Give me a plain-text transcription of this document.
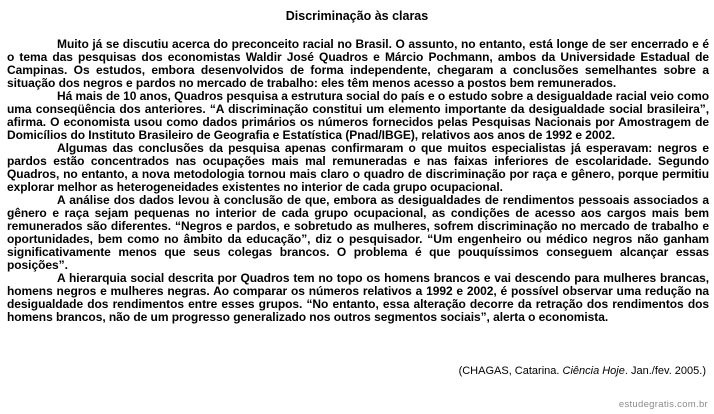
Discriminação às claras

Muito já se discutiu acerca do preconceito racial no Brasil. O assunto, no entanto, está longe de ser encerrado e é o tema das pesquisas dos economistas Waldir José Quadros e Márcio Pochmann, ambos da Universidade Estadual de Campinas. Os estudos, embora desenvolvidos de forma independente, chegaram a conclusões semelhantes sobre a situação dos negros e pardos no mercado de trabalho: eles têm menos acesso a postos bem remunerados.

Há mais de 10 anos, Quadros pesquisa a estrutura social do país e o estudo sobre a desigualdade racial veio como uma conseqüência dos anteriores. “A discriminação constitui um elemento importante da desigualdade social brasileira”, afirma. O economista usou como dados primários os números fornecidos pelas Pesquisas Nacionais por Amostragem de Domicílios do Instituto Brasileiro de Geografia e Estatística (Pnad/IBGE), relativos aos anos de 1992 e 2002.

Algumas das conclusões da pesquisa apenas confirmaram o que muitos especialistas já esperavam: negros e pardos estão concentrados nas ocupações mais mal remuneradas e nas faixas inferiores de escolaridade. Segundo Quadros, no entanto, a nova metodologia tornou mais claro o quadro de discriminação por raça e gênero, porque permitiu explorar melhor as heterogeneidades existentes no interior de cada grupo ocupacional.

A análise dos dados levou à conclusão de que, embora as desigualdades de rendimentos pessoais associados a gênero e raça sejam pequenas no interior de cada grupo ocupacional, as condições de acesso aos cargos mais bem remunerados são diferentes. “Negros e pardos, e sobretudo as mulheres, sofrem discriminação no mercado de trabalho e oportunidades, bem como no âmbito da educação”, diz o pesquisador. “Um engenheiro ou médico negros não ganham significativamente menos que seus colegas brancos. O problema é que pouquíssimos conseguem alcançar essas posições”.

A hierarquia social descrita por Quadros tem no topo os homens brancos e vai descendo para mulheres brancas, homens negros e mulheres negras. Ao comparar os números relativos a 1992 e 2002, é possível observar uma redução na desigualdade dos rendimentos entre esses grupos. “No entanto, essa alteração decorre da retração dos rendimentos dos homens brancos, não de um progresso generalizado nos outros segmentos sociais”, alerta o economista.

(CHAGAS, Catarina. Ciência Hoje. Jan./fev. 2005.)
estudegratis.com.br
